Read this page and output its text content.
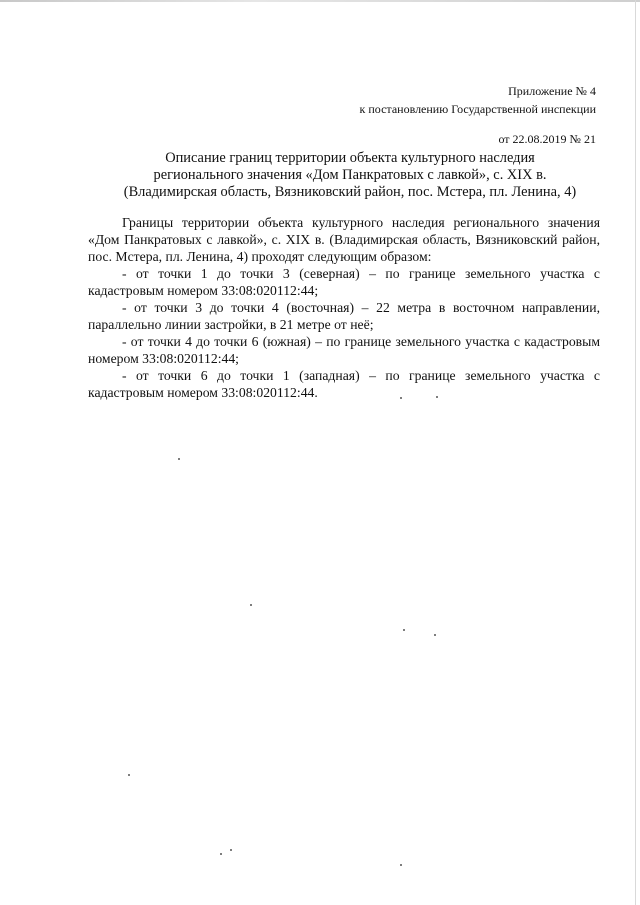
Приложение № 4
к постановлению Государственной инспекции
от 22.08.2019 № 21
Описание границ территории объекта культурного наследия
регионального значения «Дом Панкратовых с лавкой», с. XIX в.
(Владимирская область, Вязниковский район, пос. Мстера, пл. Ленина, 4)

Границы территории объекта культурного наследия регионального значения «Дом Панкратовых с лавкой», с. XIX в. (Владимирская область, Вязниковский район, пос. Мстера, пл. Ленина, 4) проходят следующим образом:

- от точки 1 до точки 3 (северная) – по границе земельного участка с кадастровым номером 33:08:020112:44;

- от точки 3 до точки 4 (восточная) – 22 метра в восточном направлении, параллельно линии застройки, в 21 метре от неё;

- от точки 4 до точки 6 (южная) – по границе земельного участка с кадастровым номером 33:08:020112:44;

- от точки 6 до точки 1 (западная) – по границе земельного участка с кадастровым номером 33:08:020112:44.
